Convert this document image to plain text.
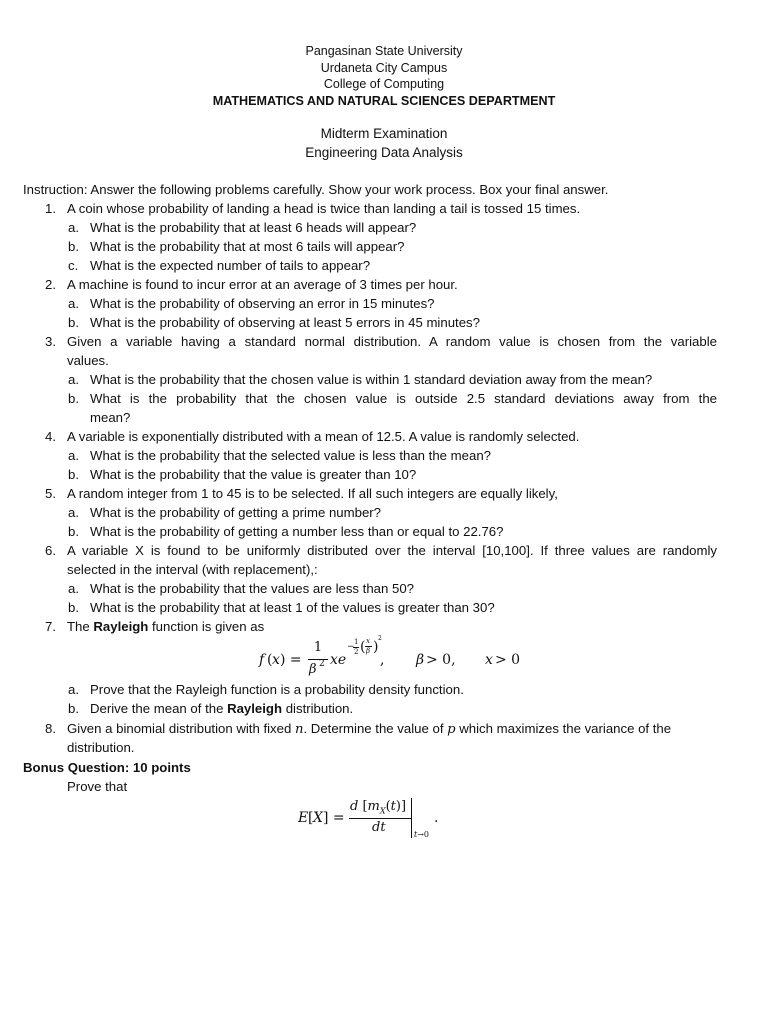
Pangasinan State University
Urdaneta City Campus
College of Computing
MATHEMATICS AND NATURAL SCIENCES DEPARTMENT
Midterm Examination
Engineering Data Analysis
Instruction: Answer the following problems carefully. Show your work process. Box your final answer.
1. A coin whose probability of landing a head is twice than landing a tail is tossed 15 times.
a. What is the probability that at least 6 heads will appear?
b. What is the probability that at most 6 tails will appear?
c. What is the expected number of tails to appear?
2. A machine is found to incur error at an average of 3 times per hour.
a. What is the probability of observing an error in 15 minutes?
b. What is the probability of observing at least 5 errors in 45 minutes?
3. Given a variable having a standard normal distribution. A random value is chosen from the variable
values.
a. What is the probability that the chosen value is within 1 standard deviation away from the mean?
b. What is the probability that the chosen value is outside 2.5 standard deviations away from the
mean?
4. A variable is exponentially distributed with a mean of 12.5. A value is randomly selected.
a. What is the probability that the selected value is less than the mean?
b. What is the probability that the value is greater than 10?
5. A random integer from 1 to 45 is to be selected. If all such integers are equally likely,
a. What is the probability of getting a prime number?
b. What is the probability of getting a number less than or equal to 22.76?
6. A variable X is found to be uniformly distributed over the interval [10,100]. If three values are randomly
selected in the interval (with replacement),:
a. What is the probability that the values are less than 50?
b. What is the probability that at least 1 of the values is greater than 30?
7. The Rayleigh function is given as
f ( x ) =
1
β 2 xe
− 1
2 ( x
β )
2
, β > 0, x > 0
a. Prove that the Rayleigh function is a probability density function.
b. Derive the mean of the Rayleigh distribution.
8. Given a binomial distribution with fixed n. Determine the value of p which maximizes the variance of the
distribution.
Bonus Question: 10 points
Prove that
E [ X ] =
d $[m_X(t)]$
dt	t→0
.
